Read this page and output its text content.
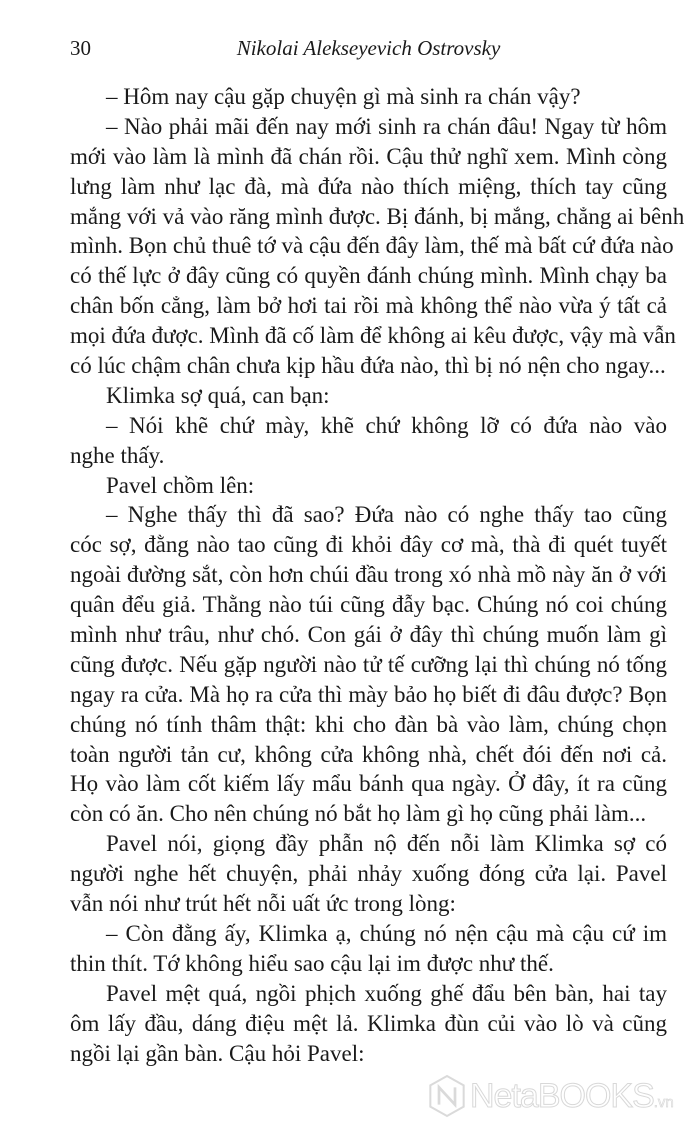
30	Nikolai Alekseyevich Ostrovsky
– Hôm nay cậu gặp chuyện gì mà sinh ra chán vậy?
– Nào phải mãi đến nay mới sinh ra chán đâu! Ngay từ hôm
mới vào làm là mình đã chán rồi. Cậu thử nghĩ xem. Mình còng
lưng làm như lạc đà, mà đứa nào thích miệng, thích tay cũng
mắng với vả vào răng mình được. Bị đánh, bị mắng, chẳng ai bênh
mình. Bọn chủ thuê tớ và cậu đến đây làm, thế mà bất cứ đứa nào
có thế lực ở đây cũng có quyền đánh chúng mình. Mình chạy ba
chân bốn cẳng, làm bở hơi tai rồi mà không thể nào vừa ý tất cả
mọi đứa được. Mình đã cố làm để không ai kêu được, vậy mà vẫn
có lúc chậm chân chưa kịp hầu đứa nào, thì bị nó nện cho ngay...
Klimka sợ quá, can bạn:
– Nói khẽ chứ mày, khẽ chứ không lỡ có đứa nào vào
nghe thấy.
Pavel chồm lên:
– Nghe thấy thì đã sao? Đứa nào có nghe thấy tao cũng
cóc sợ, đằng nào tao cũng đi khỏi đây cơ mà, thà đi quét tuyết
ngoài đường sắt, còn hơn chúi đầu trong xó nhà mồ này ăn ở với
quân đểu giả. Thằng nào túi cũng đẫy bạc. Chúng nó coi chúng
mình như trâu, như chó. Con gái ở đây thì chúng muốn làm gì
cũng được. Nếu gặp người nào tử tế cưỡng lại thì chúng nó tống
ngay ra cửa. Mà họ ra cửa thì mày bảo họ biết đi đâu được? Bọn
chúng nó tính thâm thật: khi cho đàn bà vào làm, chúng chọn
toàn người tản cư, không cửa không nhà, chết đói đến nơi cả.
Họ vào làm cốt kiếm lấy mẩu bánh qua ngày. Ở đây, ít ra cũng
còn có ăn. Cho nên chúng nó bắt họ làm gì họ cũng phải làm...
Pavel nói, giọng đầy phẫn nộ đến nỗi làm Klimka sợ có
người nghe hết chuyện, phải nhảy xuống đóng cửa lại. Pavel
vẫn nói như trút hết nỗi uất ức trong lòng:
– Còn đằng ấy, Klimka ạ, chúng nó nện cậu mà cậu cứ im
thin thít. Tớ không hiểu sao cậu lại im được như thế.
Pavel mệt quá, ngồi phịch xuống ghế đẩu bên bàn, hai tay
ôm lấy đầu, dáng điệu mệt lả. Klimka đùn củi vào lò và cũng
ngồi lại gần bàn. Cậu hỏi Pavel:
NetaBOOKS.vn
